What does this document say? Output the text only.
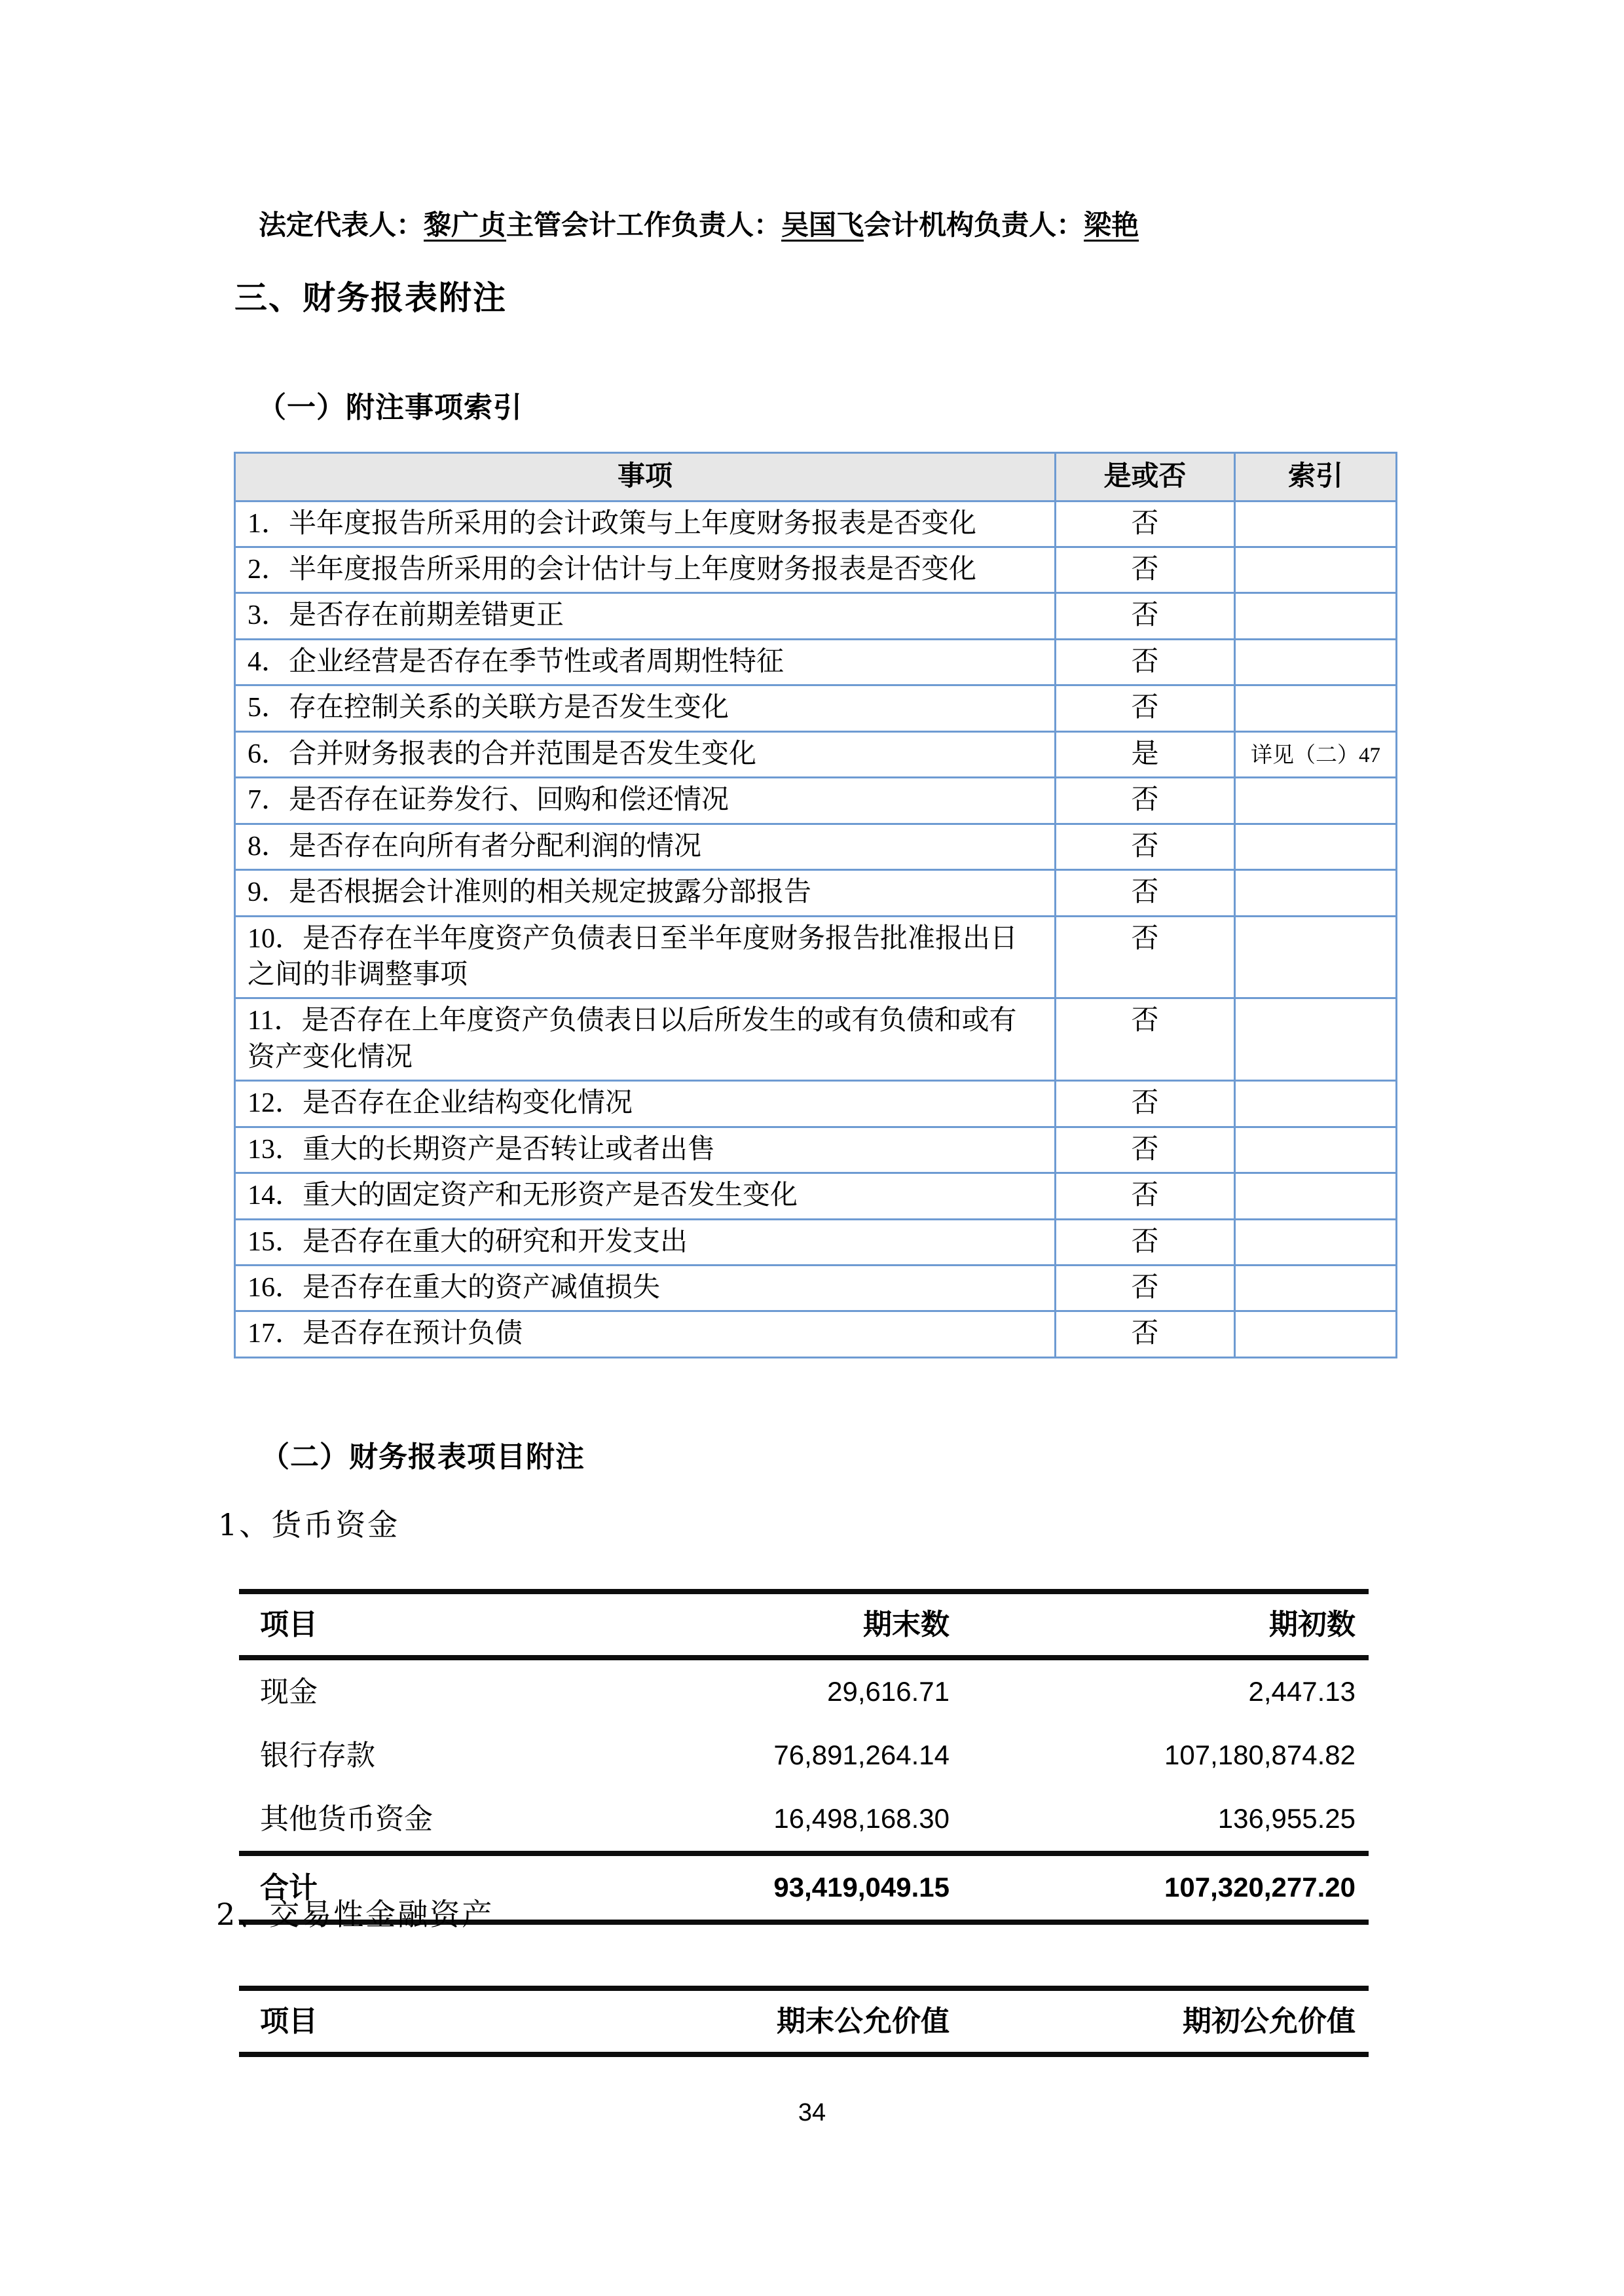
法定代表人：黎广贞主管会计工作负责人：吴国飞会计机构负责人：梁艳

三、财务报表附注
（一）附注事项索引
事项	是或否	索引
1．半年度报告所采用的会计政策与上年度财务报表是否变化	否	
2．半年度报告所采用的会计估计与上年度财务报表是否变化	否	
3．是否存在前期差错更正	否	
4．企业经营是否存在季节性或者周期性特征	否	
5．存在控制关系的关联方是否发生变化	否	
6．合并财务报表的合并范围是否发生变化	是	详见（二）47
7．是否存在证券发行、回购和偿还情况	否	
8．是否存在向所有者分配利润的情况	否	
9．是否根据会计准则的相关规定披露分部报告	否	
10．是否存在半年度资产负债表日至半年度财务报告批准报出日之间的非调整事项	否	
11．是否存在上年度资产负债表日以后所发生的或有负债和或有资产变化情况	否	
12．是否存在企业结构变化情况	否	
13．重大的长期资产是否转让或者出售	否	
14．重大的固定资产和无形资产是否发生变化	否	
15．是否存在重大的研究和开发支出	否	
16．是否存在重大的资产减值损失	否	
17．是否存在预计负债	否	
（二）财务报表项目附注
1、货币资金
项目	期末数	期初数
现金	29,616.71	2,447.13
银行存款	76,891,264.14	107,180,874.82
其他货币资金	16,498,168.30	136,955.25
合计	93,419,049.15	107,320,277.20
2、交易性金融资产
项目	期末公允价值	期初公允价值

34
